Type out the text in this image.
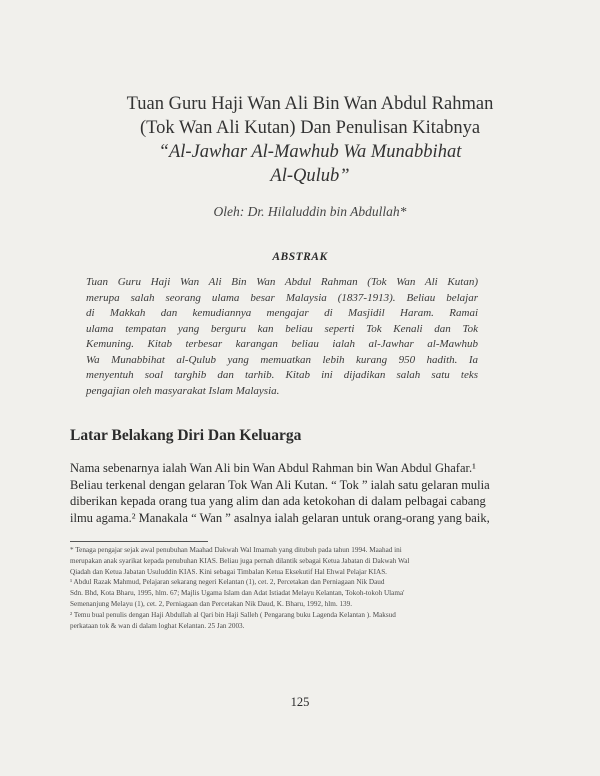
Tuan Guru Haji Wan Ali Bin Wan Abdul Rahman
(Tok Wan Ali Kutan) Dan Penulisan Kitabnya
“Al-Jawhar Al-Mawhub Wa Munabbihat
Al-Qulub”
Oleh: Dr. Hilaluddin bin Abdullah*
ABSTRAK
Tuan Guru Haji Wan Ali Bin Wan Abdul Rahman (Tok Wan Ali Kutan)
merupa salah seorang ulama besar Malaysia (1837-1913). Beliau belajar
di Makkah dan kemudiannya mengajar di Masjidil Haram. Ramai
ulama tempatan yang berguru kan beliau seperti Tok Kenali dan Tok
Kemuning. Kitab terbesar karangan beliau ialah al-Jawhar al-Mawhub
Wa Munabbihat al-Qulub yang memuatkan lebih kurang 950 hadith. Ia
menyentuh soal targhib dan tarhib. Kitab ini dijadikan salah satu teks
pengajian oleh masyarakat Islam Malaysia.
Latar Belakang Diri Dan Keluarga
Nama sebenarnya ialah Wan Ali bin Wan Abdul Rahman bin Wan Abdul Ghafar.¹
Beliau terkenal dengan gelaran Tok Wan Ali Kutan. “ Tok ” ialah satu gelaran mulia
diberikan kepada orang tua yang alim dan ada ketokohan di dalam pelbagai cabang
ilmu agama.² Manakala “ Wan ” asalnya ialah gelaran untuk orang-orang yang baik,
* Tenaga pengajar sejak awal penubuhan Maahad Dakwah Wal Imamah yang ditubuh pada tahun 1994. Maahad ini
merupakan anak syarikat kepada penubuhan KIAS. Beliau juga pernah dilantik sebagai Ketua Jabatan di Dakwah Wal
Qiadah dan Ketua Jabatan Usuluddin KIAS. Kini sebagai Timbalan Ketua Eksekutif Hal Ehwal Pelajar KIAS.
¹ Abdul Razak Mahmud, Pelajaran sekarang negeri Kelantan (1), cet. 2, Percetakan dan Perniagaan Nik Daud
Sdn. Bhd, Kota Bharu, 1995, hlm. 67; Majlis Ugama Islam dan Adat Istiadat Melayu Kelantan, Tokoh-tokoh Ulama'
Semenanjung Melayu (1), cet. 2, Perniagaan dan Percetakan Nik Daud, K. Bharu, 1992, hlm. 139.
² Temu bual penulis dengan Haji Abdullah al Qari bin Haji Salleh ( Pengarang buku Lagenda Kelantan ). Maksud
perkataan tok & wan di dalam loghat Kelantan. 25 Jan 2003.
125
